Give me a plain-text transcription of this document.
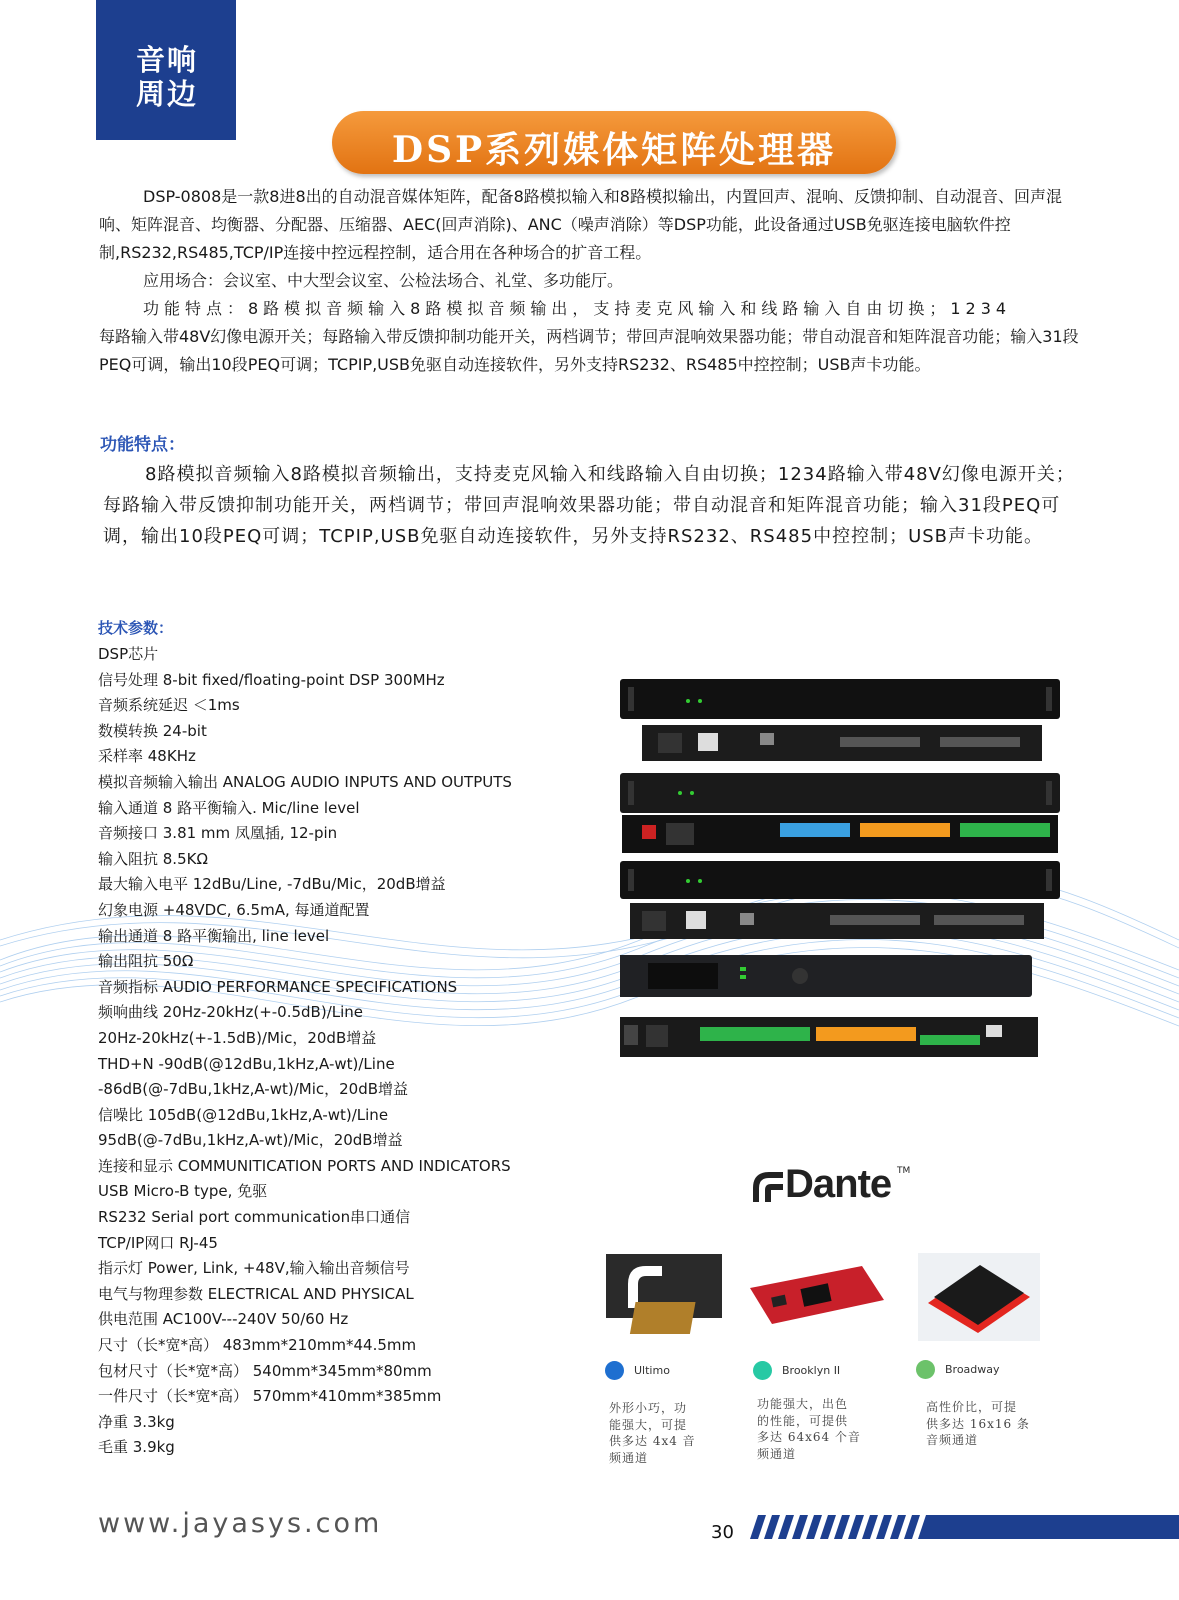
音响
周边
DSP系列媒体矩阵处理器

DSP-0808是一款8进8出的自动混音媒体矩阵，配备8路模拟输入和8路模拟输出，内置回声、混响、反馈抑制、自动混音、回声混响、矩阵混音、均衡器、分配器、压缩器、AEC(回声消除)、ANC（噪声消除）等DSP功能，此设备通过USB免驱连接电脑软件控制,RS232,RS485,TCP/IP连接中控远程控制，适合用在各种场合的扩音工程。

应用场合：会议室、中大型会议室、公检法场合、礼堂、多功能厅。

功能特点：8路模拟音频输入8路模拟音频输出，支持麦克风输入和线路输入自由切换；1234

每路输入带48V幻像电源开关；每路输入带反馈抑制功能开关，两档调节；带回声混响效果器功能；带自动混音和矩阵混音功能；输入31段PEQ可调，输出10段PEQ可调；TCPIP,USB免驱自动连接软件，另外支持RS232、RS485中控控制；USB声卡功能。

功能特点：

8路模拟音频输入8路模拟音频输出，支持麦克风输入和线路输入自由切换；1234路输入带48V幻像电源开关；每路输入带反馈抑制功能开关，两档调节；带回声混响效果器功能；带自动混音和矩阵混音功能；输入31段PEQ可调，输出10段PEQ可调；TCPIP,USB免驱自动连接软件，另外支持RS232、RS485中控控制；USB声卡功能。

技术参数：
DSP芯片
信号处理 8-bit fixed/floating-point DSP 300MHz
音频系统延迟 ＜1ms
数模转换 24-bit
采样率 48KHz
模拟音频输入输出 ANALOG AUDIO INPUTS AND OUTPUTS
输入通道 8 路平衡输入. Mic/line level
音频接口 3.81 mm 凤凰插, 12-pin
输入阻抗 8.5KΩ
最大输入电平 12dBu/Line, -7dBu/Mic，20dB增益
幻象电源 +48VDC, 6.5mA, 每通道配置
输出通道 8 路平衡输出, line level
输出阻抗 50Ω
音频指标 AUDIO PERFORMANCE SPECIFICATIONS
频响曲线 20Hz-20kHz(+-0.5dB)/Line
20Hz-20kHz(+-1.5dB)/Mic，20dB增益
THD+N -90dB(@12dBu,1kHz,A-wt)/Line
-86dB(@-7dBu,1kHz,A-wt)/Mic，20dB增益
信噪比 105dB(@12dBu,1kHz,A-wt)/Line
95dB(@-7dBu,1kHz,A-wt)/Mic，20dB增益
连接和显示 COMMUNITICATION PORTS AND INDICATORS
USB Micro-B type, 免驱
RS232 Serial port communication串口通信
TCP/IP网口 RJ-45
指示灯 Power, Link, +48V,输入输出音频信号
电气与物理参数 ELECTRICAL AND PHYSICAL
供电范围 AC100V---240V 50/60 Hz
尺寸（长*宽*高） 483mm*210mm*44.5mm
包材尺寸（长*宽*高） 540mm*345mm*80mm
一件尺寸（长*宽*高） 570mm*410mm*385mm
净重 3.3kg
毛重 3.9kg
Dante TM
Ultimo	Brooklyn II	Broadway
外形小巧，功
能强大，可提
供多达 4x4 音
频通道
功能强大，出色
的性能，可提供
多达 64x64 个音
频通道
高性价比，可提
供多达 16x16 条
音频通道
www.jayasys.com	30
